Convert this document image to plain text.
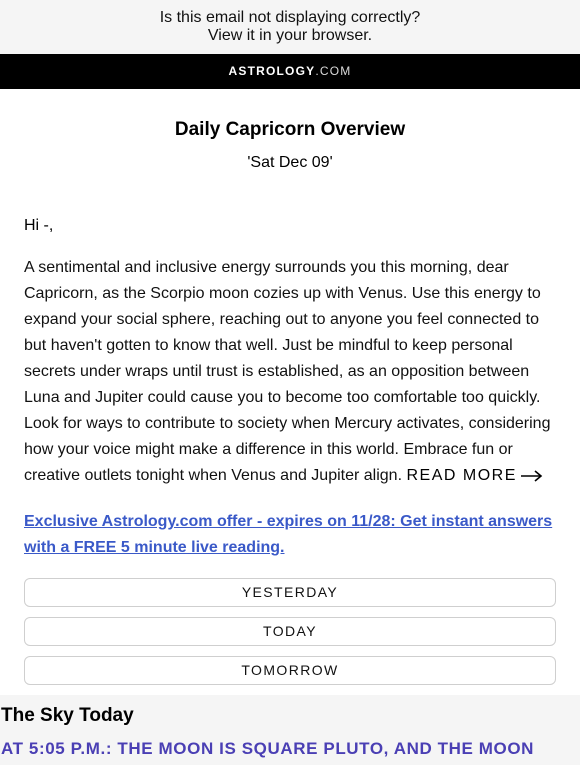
Is this email not displaying correctly?
View it in your browser.
ASTROLOGY.COM
Daily Capricorn Overview
'Sat Dec 09'
Hi -,
A sentimental and inclusive energy surrounds you this morning, dear Capricorn, as the Scorpio moon cozies up with Venus. Use this energy to expand your social sphere, reaching out to anyone you feel connected to but haven't gotten to know that well. Just be mindful to keep personal secrets under wraps until trust is established, as an opposition between Luna and Jupiter could cause you to become too comfortable too quickly. Look for ways to contribute to society when Mercury activates, considering how your voice might make a difference in this world. Embrace fun or creative outlets tonight when Venus and Jupiter align. READ MORE
Exclusive Astrology.com offer - expires on 11/28: Get instant answers with a FREE 5 minute live reading.
YESTERDAY
TODAY
TOMORROW
The Sky Today
AT 5:05 P.M.: THE MOON IS SQUARE PLUTO, AND THE MOON
